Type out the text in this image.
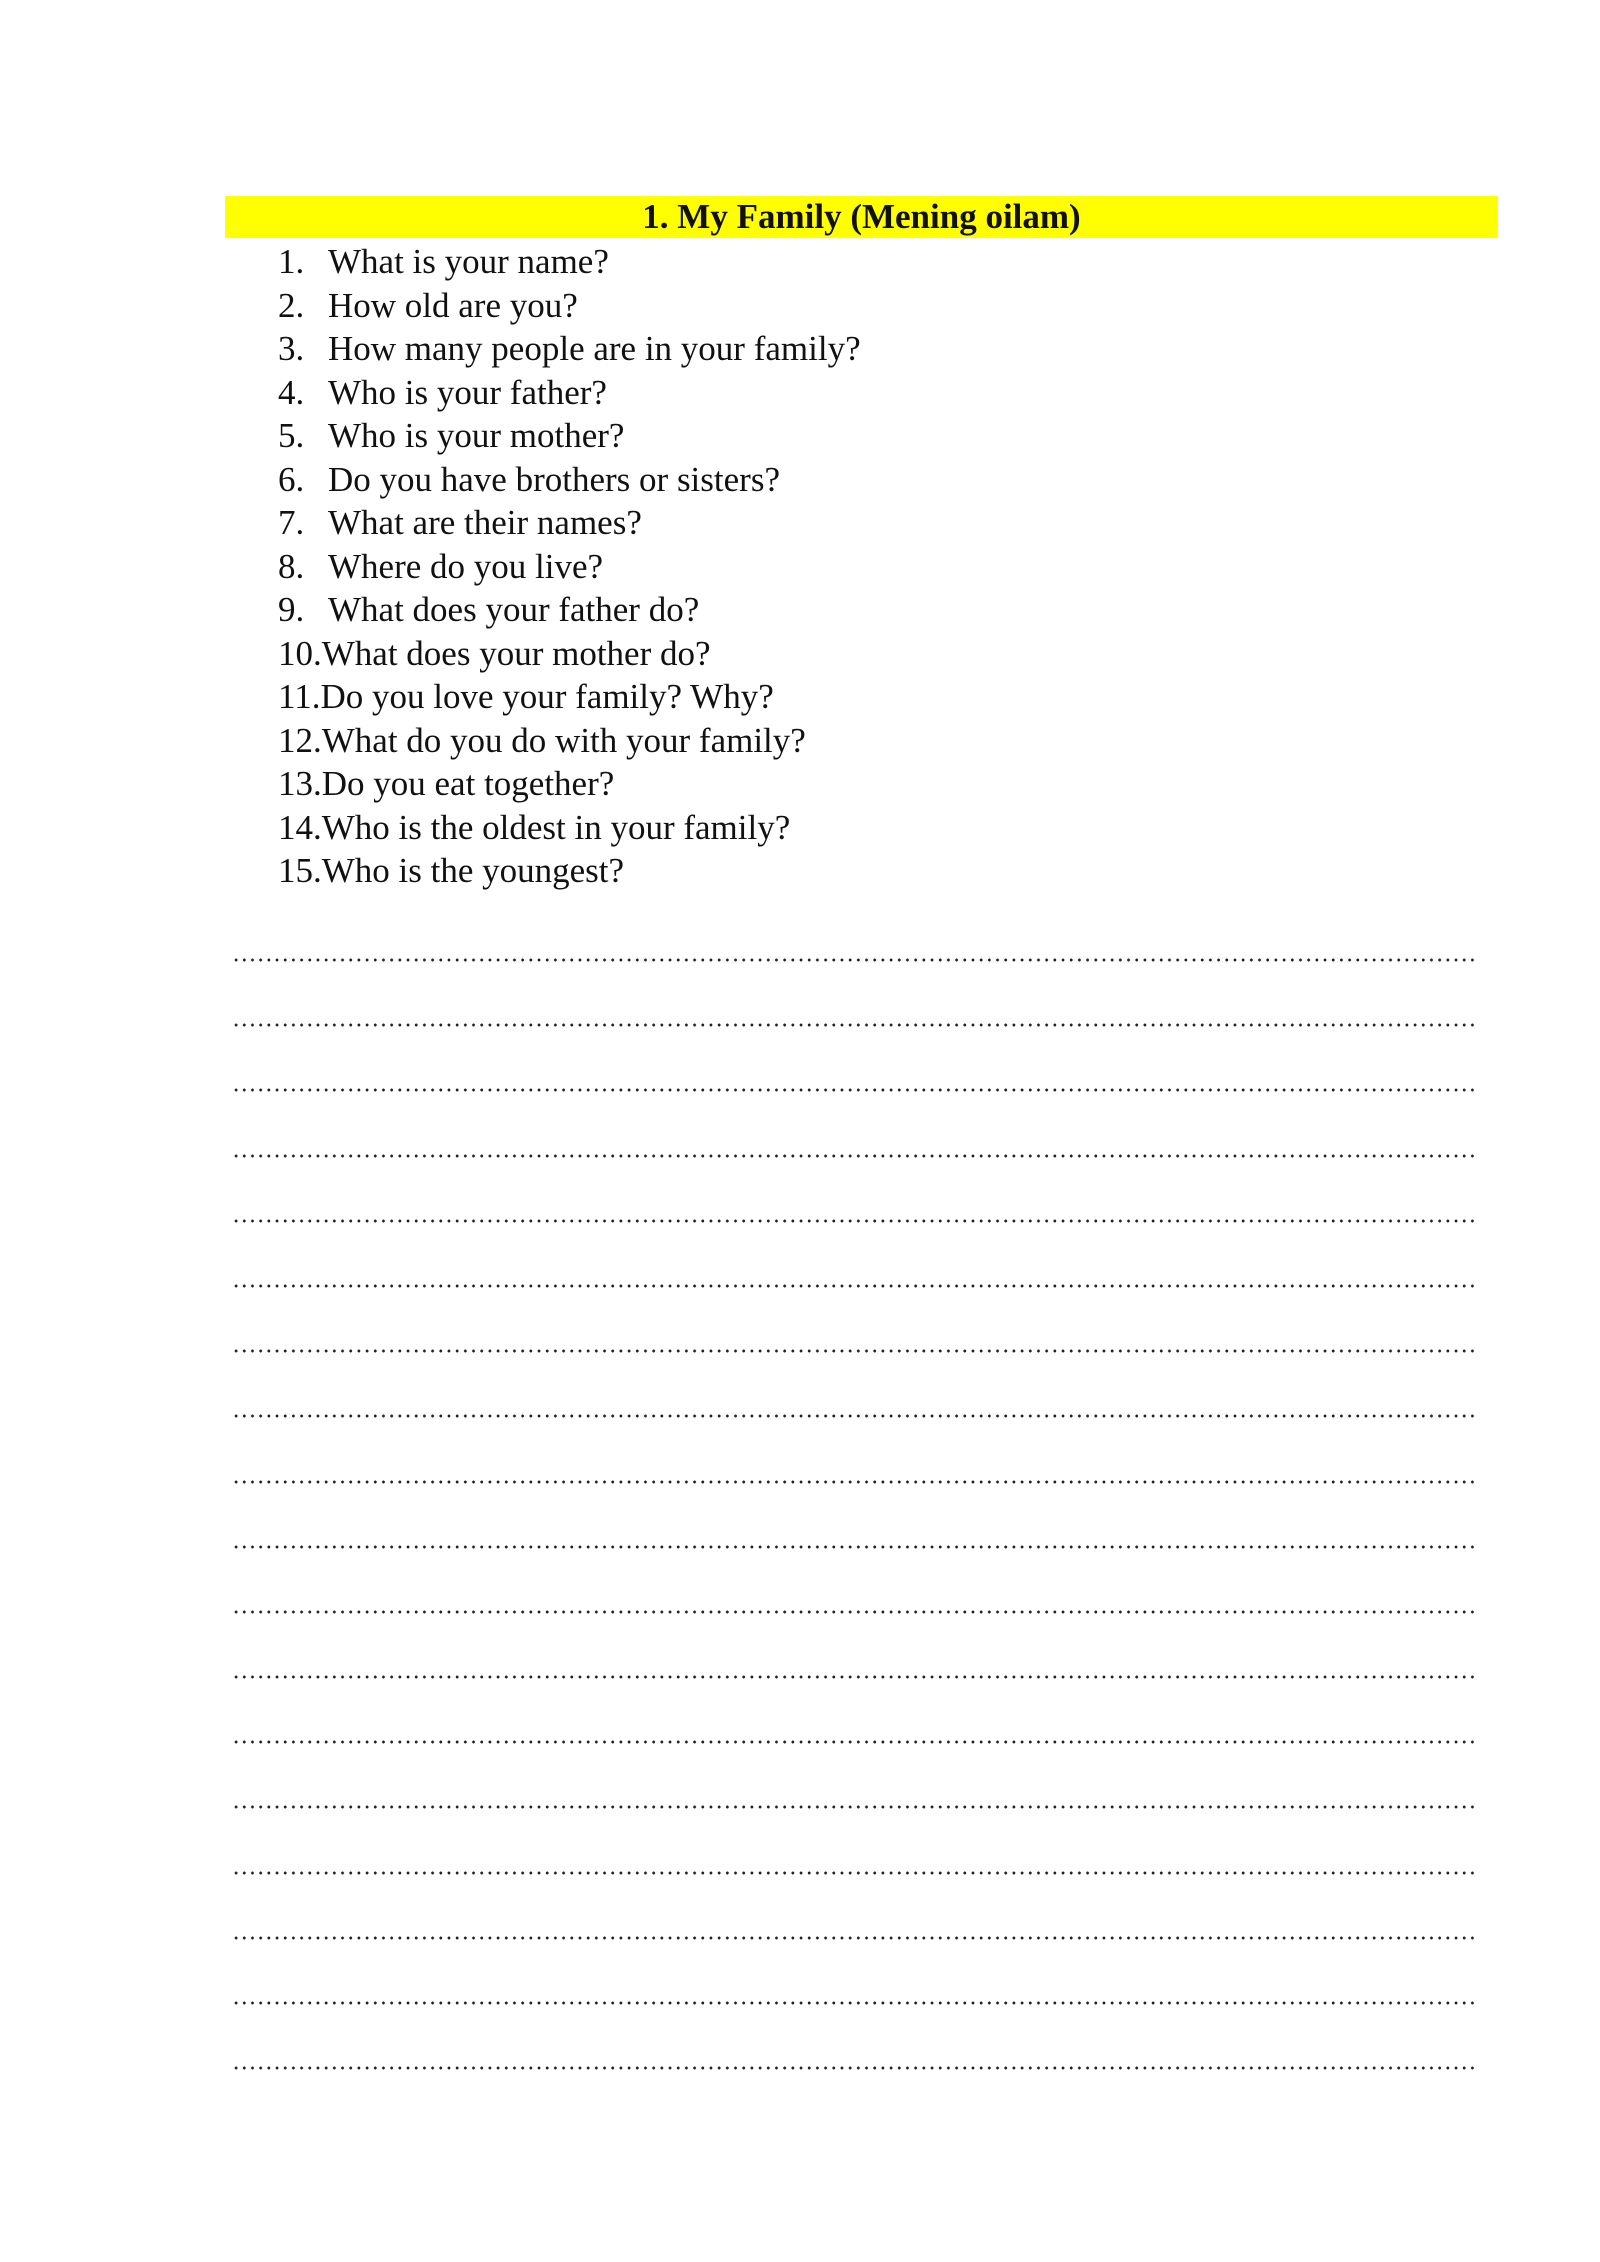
1. My Family (Mening oilam)
1. What is your name?
2. How old are you?
3. How many people are in your family?
4. Who is your father?
5. Who is your mother?
6. Do you have brothers or sisters?
7. What are their names?
8. Where do you live?
9. What does your father do?
10. What does your mother do?
11. Do you love your family? Why?
12. What do you do with your family?
13. Do you eat together?
14. Who is the oldest in your family?
15. Who is the youngest?
